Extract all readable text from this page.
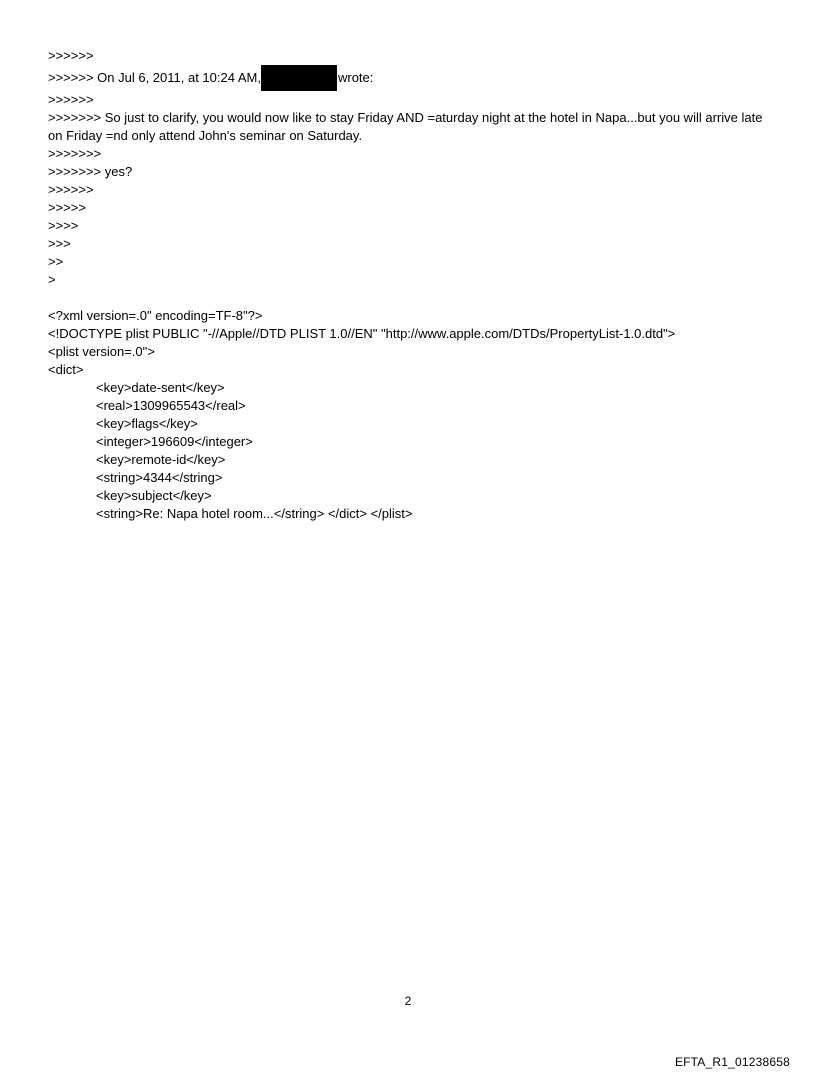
>>>>>>
>>>>>> On Jul 6, 2011, at 10:24 AM,	wrote:
>>>>>>
>>>>>>> So just to clarify, you would now like to stay Friday AND =aturday night at the hotel in Napa...but you will arrive late on Friday =nd only attend John's seminar on Saturday.
>>>>>>>
>>>>>>> yes?
>>>>>>
>>>>>
>>>>
>>>
>>
>
<?xml version=.0" encoding=TF-8"?>
<!DOCTYPE plist PUBLIC "-//Apple//DTD PLIST 1.0//EN" "http://www.apple.com/DTDs/PropertyList-1.0.dtd">
<plist version=.0">
<dict>
<key>date-sent</key>
<real>1309965543</real>
<key>flags</key>
<integer>196609</integer>
<key>remote-id</key>
<string>4344</string>
<key>subject</key>
<string>Re: Napa hotel room...</string> </dict> </plist>
2
EFTA_R1_01238658
